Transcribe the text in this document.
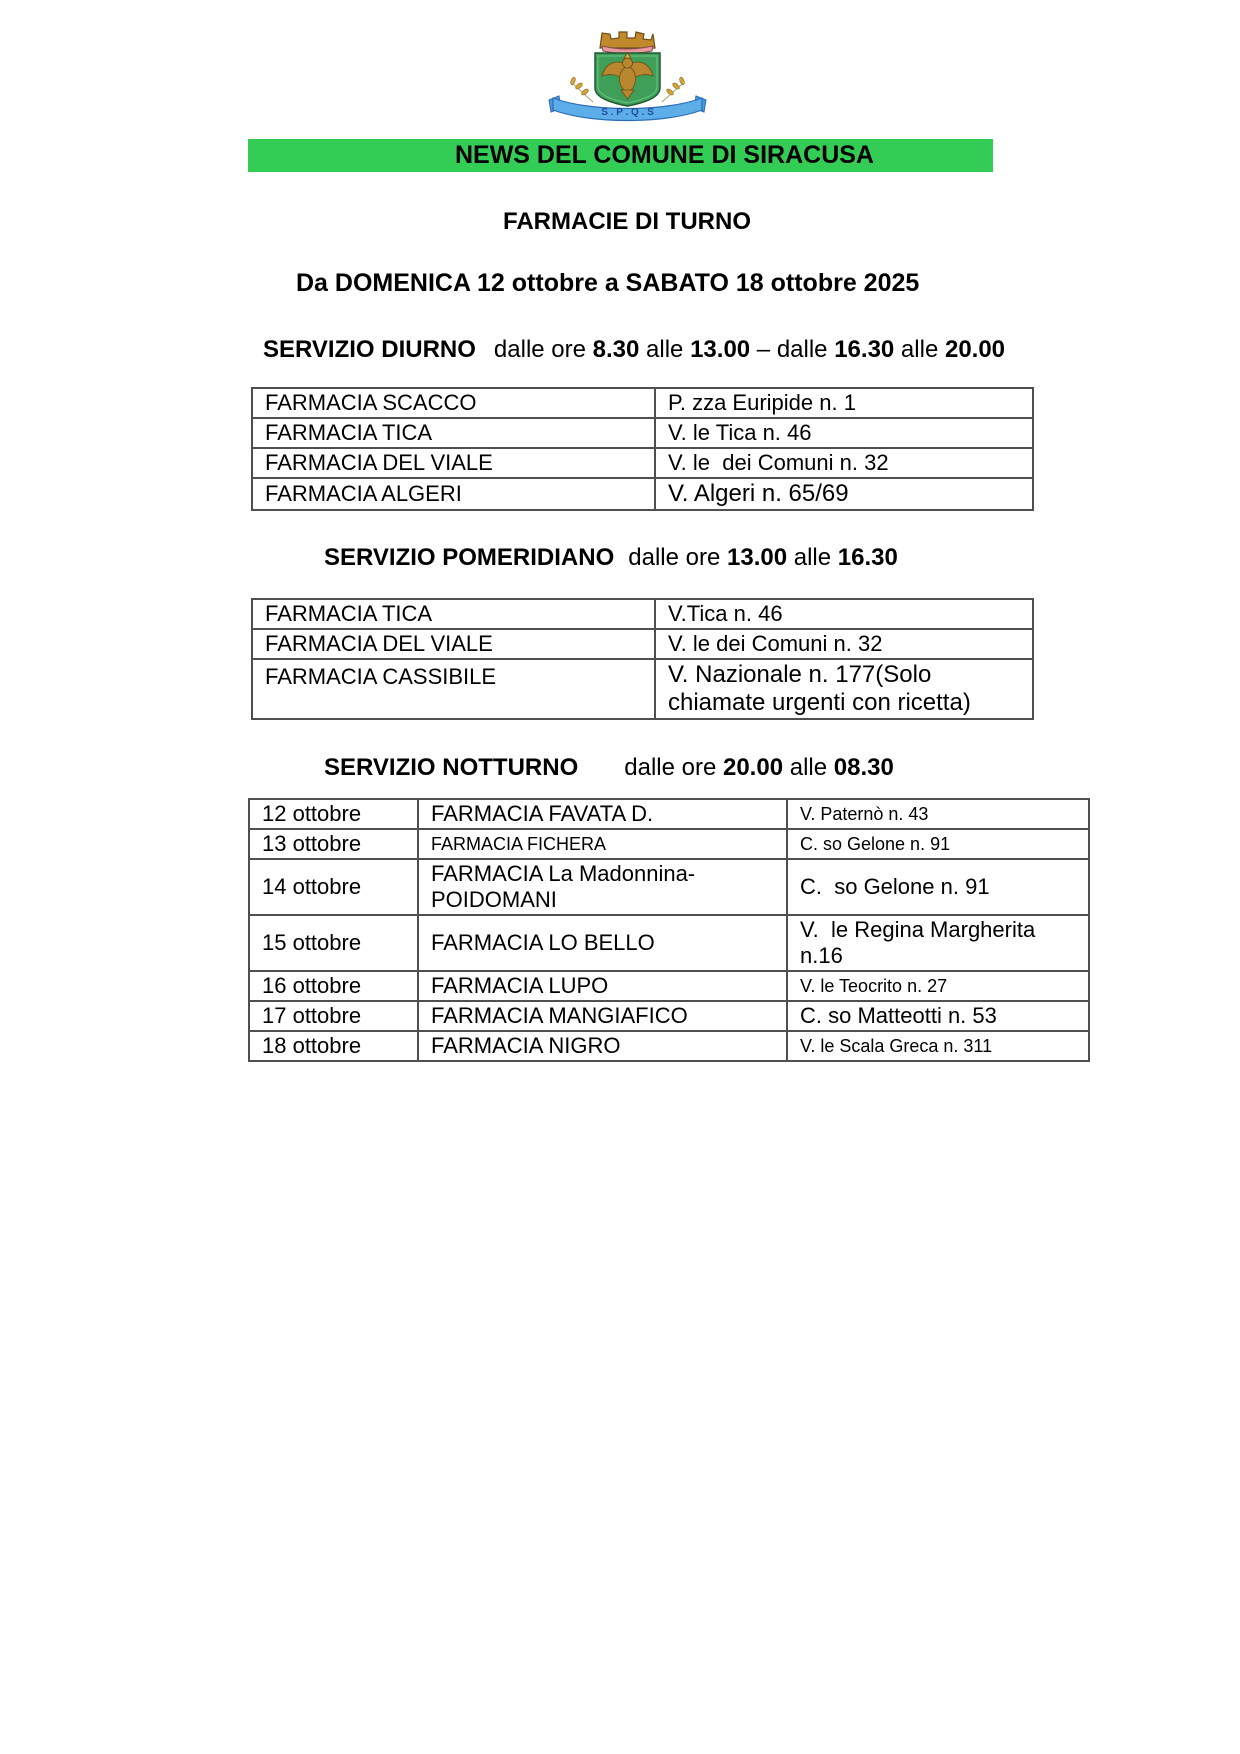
S . P . Q . S
NEWS DEL COMUNE DI SIRACUSA
FARMACIE DI TURNO
Da DOMENICA 12 ottobre a SABATO 18 ottobre 2025
SERVIZIO DIURNO dalle ore 8.30 alle 13.00 – dalle 16.30 alle 20.00
FARMACIA SCACCO	P. zza Euripide n. 1
FARMACIA TICA	V. le Tica n. 46
FARMACIA DEL VIALE	V. le  dei Comuni n. 32
FARMACIA ALGERI	V. Algeri n. 65/69
SERVIZIO POMERIDIANO dalle ore 13.00 alle 16.30
FARMACIA TICA	V.Tica n. 46
FARMACIA DEL VIALE	V. le dei Comuni n. 32
FARMACIA CASSIBILE	V. Nazionale n. 177(Solo chiamate urgenti con ricetta)
SERVIZIO NOTTURNO dalle ore 20.00 alle 08.30
12 ottobre	FARMACIA FAVATA D.	V. Paternò n. 43
13 ottobre	FARMACIA FICHERA	C. so Gelone n. 91
14 ottobre	FARMACIA La Madonnina-POIDOMANI	C.  so Gelone n. 91
15 ottobre	FARMACIA LO BELLO	V.  le Regina Margherita n.16
16 ottobre	FARMACIA LUPO	V. le Teocrito n. 27
17 ottobre	FARMACIA MANGIAFICO	C. so Matteotti n. 53
18 ottobre	FARMACIA NIGRO	V. le Scala Greca n. 311
